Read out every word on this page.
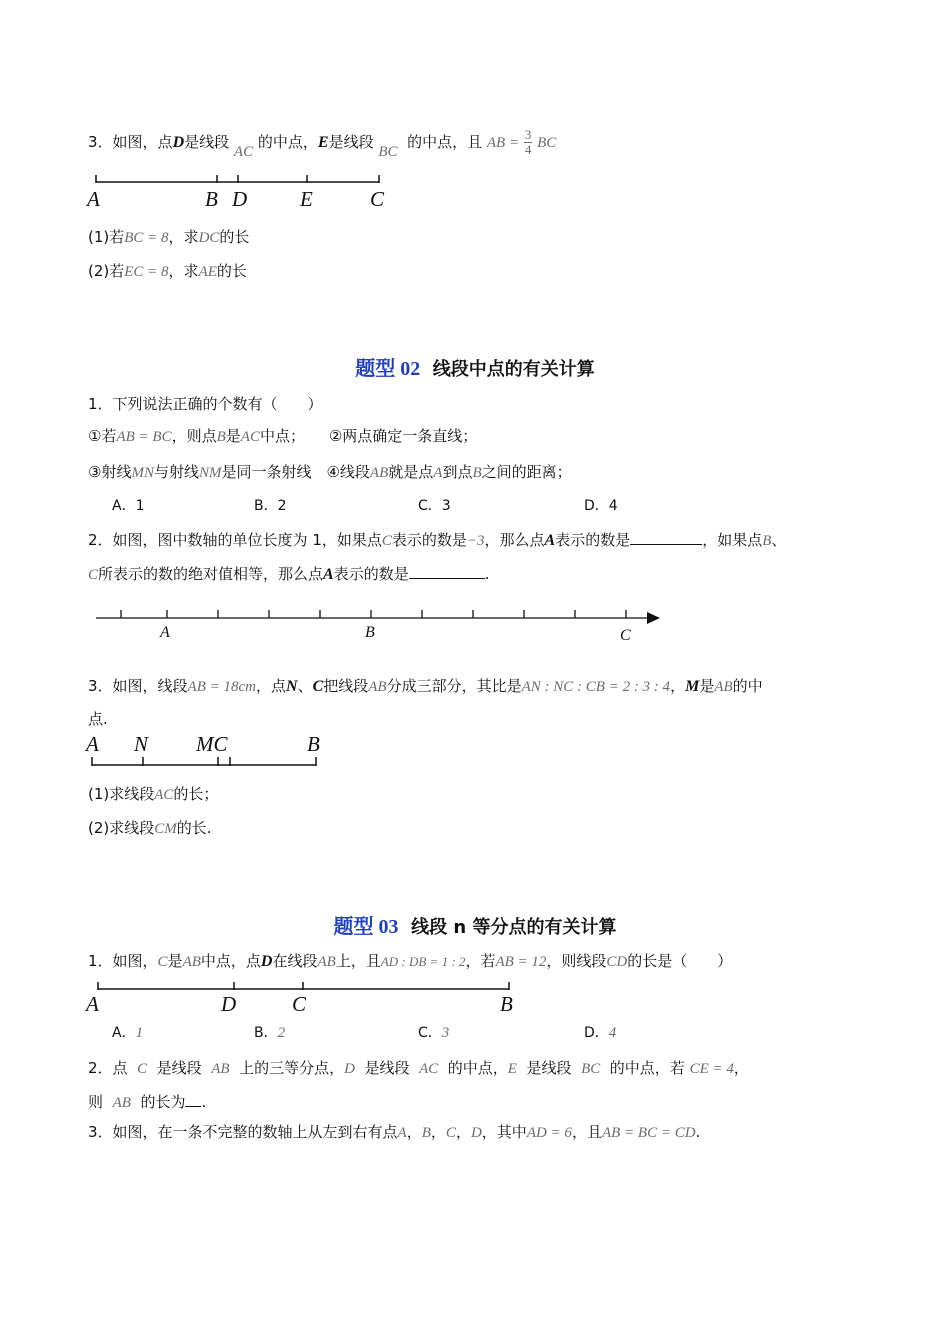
3．如图，点D是线段 AC 的中点，E是线段 BC  的中点，且 AB = $\frac{3}{4}$ BC
A	B D	E	C
(1)若BC = 8，求DC的长
(2)若EC = 8，求AE的长
题型 02 线段中点的有关计算
1．下列说法正确的个数有（　　）
①若AB = BC，则点B是AC中点； ②两点确定一条直线；
③射线MN与射线NM是同一条射线　④线段AB就是点A到点B之间的距离；
A．1	B．2	C．3	D．4
2．如图，图中数轴的单位长度为 1，如果点C表示的数是−3，那么点A表示的数是	，如果点B、
C所表示的数的绝对值相等，那么点A表示的数是	.
A	B	C
3．如图，线段AB = 18cm，点N、C把线段AB分成三部分，其比是AN : NC : CB = 2 : 3 : 4，M是AB的中
点.
A N MC	B
(1)求线段AC的长；
(2)求线段CM的长.
题型 03 线段 n 等分点的有关计算
1．如图，C是AB中点，点D在线段AB上，且AD : DB = 1 : 2，若AB = 12，则线段CD的长是（　　）
A	D	C	B
A．1	B．2	C．3	D．4
2．点 C 是线段 AB 上的三等分点，D 是线段 AC 的中点，E 是线段 BC 的中点，若 CE = 4，
则 AB 的长为 .
3．如图，在一条不完整的数轴上从左到右有点A，B，C，D，其中AD = 6，且AB = BC = CD.
